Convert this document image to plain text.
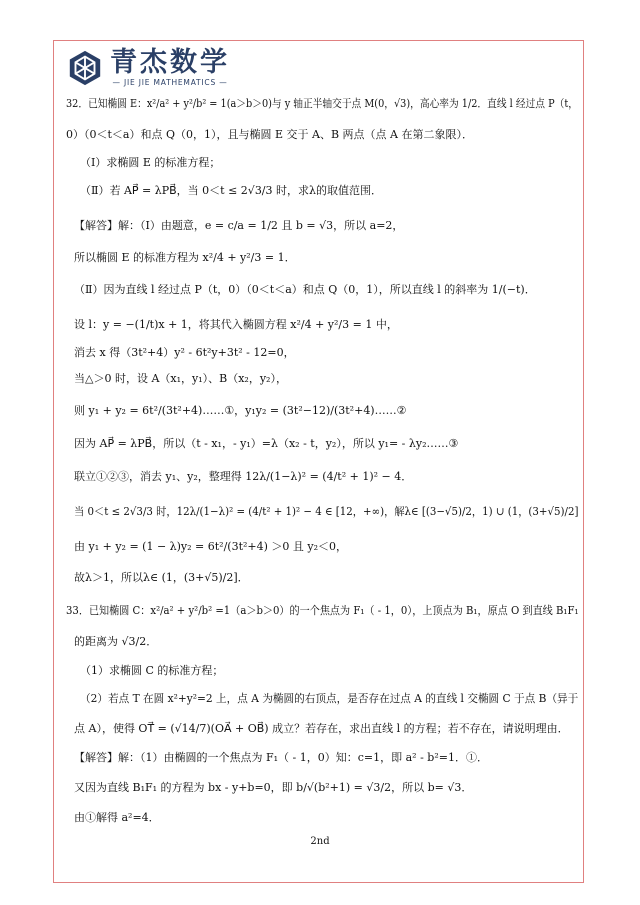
青杰数学
— JIE JIE MATHEMATICS —
32．已知椭圆 E：x²/a² + y²/b² = 1(a＞b＞0)与 y 轴正半轴交于点 M(0，√3)，高心率为 1/2．直线 l 经过点 P（t，
0）（0＜t＜a）和点 Q（0，1），且与椭圆 E 交于 A、B 两点（点 A 在第二象限）．
（Ⅰ）求椭圆 E 的标准方程；
（Ⅱ）若 AP⃗ = λPB⃗，当 0＜t ≤ 2√3/3 时，求λ的取值范围．
【解答】解：（Ⅰ）由题意，e = c/a = 1/2 且 b = √3，所以 a=2，
所以椭圆 E 的标准方程为 x²/4 + y²/3 = 1．
（Ⅱ）因为直线 l 经过点 P（t，0）（0＜t＜a）和点 Q（0，1），所以直线 l 的斜率为 1/(−t)．
设 l：y = −(1/t)x + 1，将其代入椭圆方程 x²/4 + y²/3 = 1 中，
消去 x 得（3t²+4）y² - 6t²y+3t² - 12=0，
当△＞0 时，设 A（x₁，y₁）、B（x₂，y₂），
则 y₁ + y₂ = 6t²/(3t²+4)……①，y₁y₂ = (3t²−12)/(3t²+4)……②
因为 AP⃗ = λPB⃗，所以（t - x₁，- y₁）=λ（x₂ - t，y₂），所以 y₁= - λy₂……③
联立①②③，消去 y₁、y₂，整理得 12λ/(1−λ)² = (4/t² + 1)² − 4．
当 0＜t ≤ 2√3/3 时，12λ/(1−λ)² = (4/t² + 1)² − 4 ∈ [12，+∞)，解λ∈ [(3−√5)/2，1) ∪ (1，(3+√5)/2]
由 y₁ + y₂ = (1 − λ)y₂ = 6t²/(3t²+4) ＞0 且 y₂＜0，
故λ＞1，所以λ∈ (1，(3+√5)/2]．
33．已知椭圆 C：x²/a² + y²/b² =1（a＞b＞0）的一个焦点为 F₁（ - 1，0），上顶点为 B₁，原点 O 到直线 B₁F₁
的距离为 √3/2．
（1）求椭圆 C 的标准方程；
（2）若点 T 在圆 x²+y²=2 上，点 A 为椭圆的右顶点，是否存在过点 A 的直线 l 交椭圆 C 于点 B（异于
点 A），使得 OT⃗ = (√14/7)(OA⃗ + OB⃗) 成立？若存在，求出直线 l 的方程；若不存在，请说明理由．
【解答】解：（1）由椭圆的一个焦点为 F₁（ - 1，0）知：c=1，即 a² - b²=1．①．
又因为直线 B₁F₁ 的方程为 bx - y+b=0，即 b/√(b²+1) = √3/2，所以 b= √3．
由①解得 a²=4．
2nd
